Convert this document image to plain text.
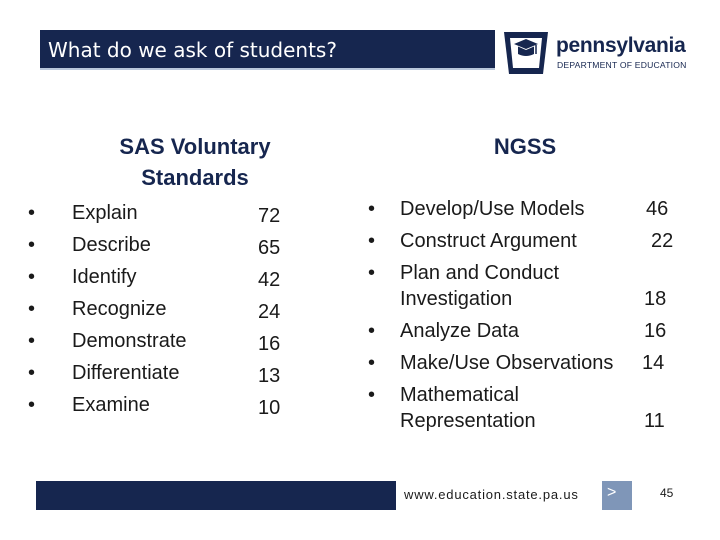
What do we ask of students?	pennsylvania
DEPARTMENT OF EDUCATION
SAS Voluntary Standards
NGSS
• Explain	72
• Describe	65
• Identify	42
• Recognize	24
• Demonstrate	16
• Differentiate	13
• Examine	10
• Develop/Use Models	46
• Construct Argument	22
• Plan and Conduct
Investigation	18
• Analyze Data	16
• Make/Use Observations 14
• Mathematical
Representation	11
www.education.state.pa.us >	45
